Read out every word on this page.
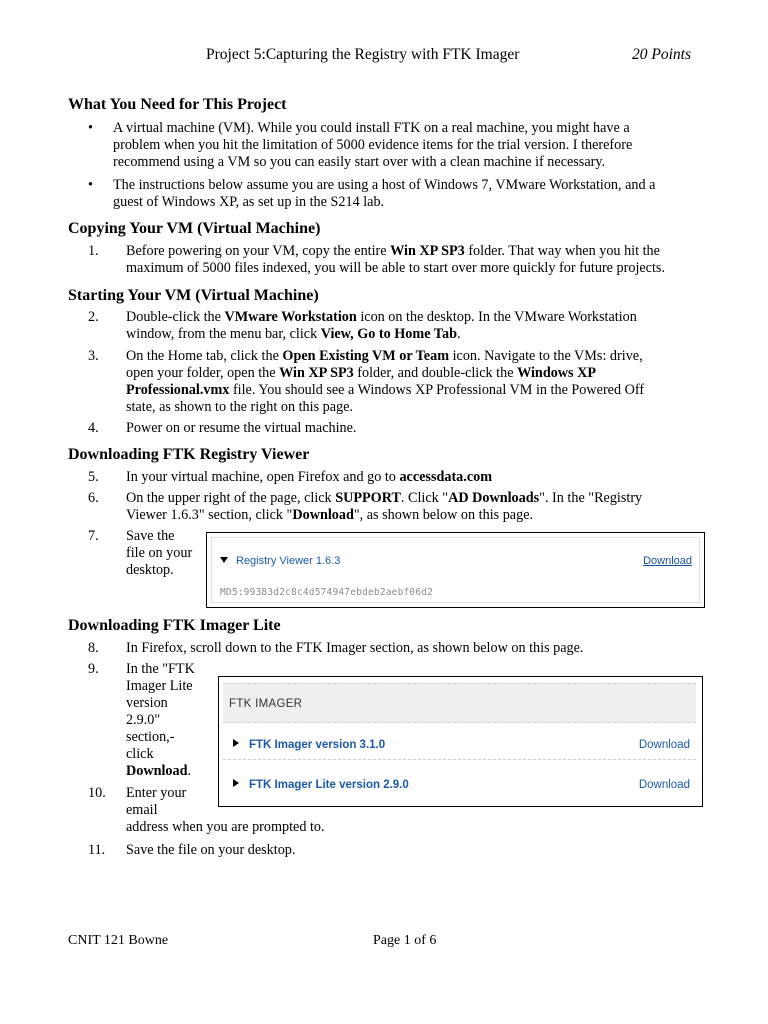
Project 5:Capturing the Registry with FTK Imager	20 Points
What You Need for This Project
• A virtual machine (VM). While you could install FTK on a real machine, you might have a
problem when you hit the limitation of 5000 evidence items for the trial version. I therefore
recommend using a VM so you can easily start over with a clean machine if necessary.
• The instructions below assume you are using a host of Windows 7, VMware Workstation, and a
guest of Windows XP, as set up in the S214 lab.
Copying Your VM (Virtual Machine)
1.	Before powering on your VM, copy the entire Win XP SP3 folder. That way when you hit the
maximum of 5000 files indexed, you will be able to start over more quickly for future projects.
Starting Your VM (Virtual Machine)
2.	Double-click the VMware Workstation icon on the desktop. In the VMware Workstation
window, from the menu bar, click View, Go to Home Tab.
3.	On the Home tab, click the Open Existing VM or Team icon. Navigate to the VMs: drive,
open your folder, open the Win XP SP3 folder, and double-click the Windows XP
Professional.vmx file. You should see a Windows XP Professional VM in the Powered Off
state, as shown to the right on this page.
4.	Power on or resume the virtual machine.
Downloading FTK Registry Viewer
5.	In your virtual machine, open Firefox and go to accessdata.com
6.	On the upper right of the page, click SUPPORT. Click "AD Downloads". In the "Registry
Viewer 1.6.3" section, click "Download", as shown below on this page.
7.	Save the
file on your
desktop.
Registry Viewer 1.6.3	Download
MD5:99383d2c8c4d574947ebdeb2aebf06d2
Downloading FTK Imager Lite
8.	In Firefox, scroll down to the FTK Imager section, as shown below on this page.
9.	In the "FTK
Imager Lite
version
2.9.0"
section,-
click
Download.
10.	Enter your
email
address when you are prompted to.
11.	Save the file on your desktop.
FTK IMAGER
FTK Imager version 3.1.0	Download
FTK Imager Lite version 2.9.0	Download
CNIT 121 Bowne	Page 1 of 6
